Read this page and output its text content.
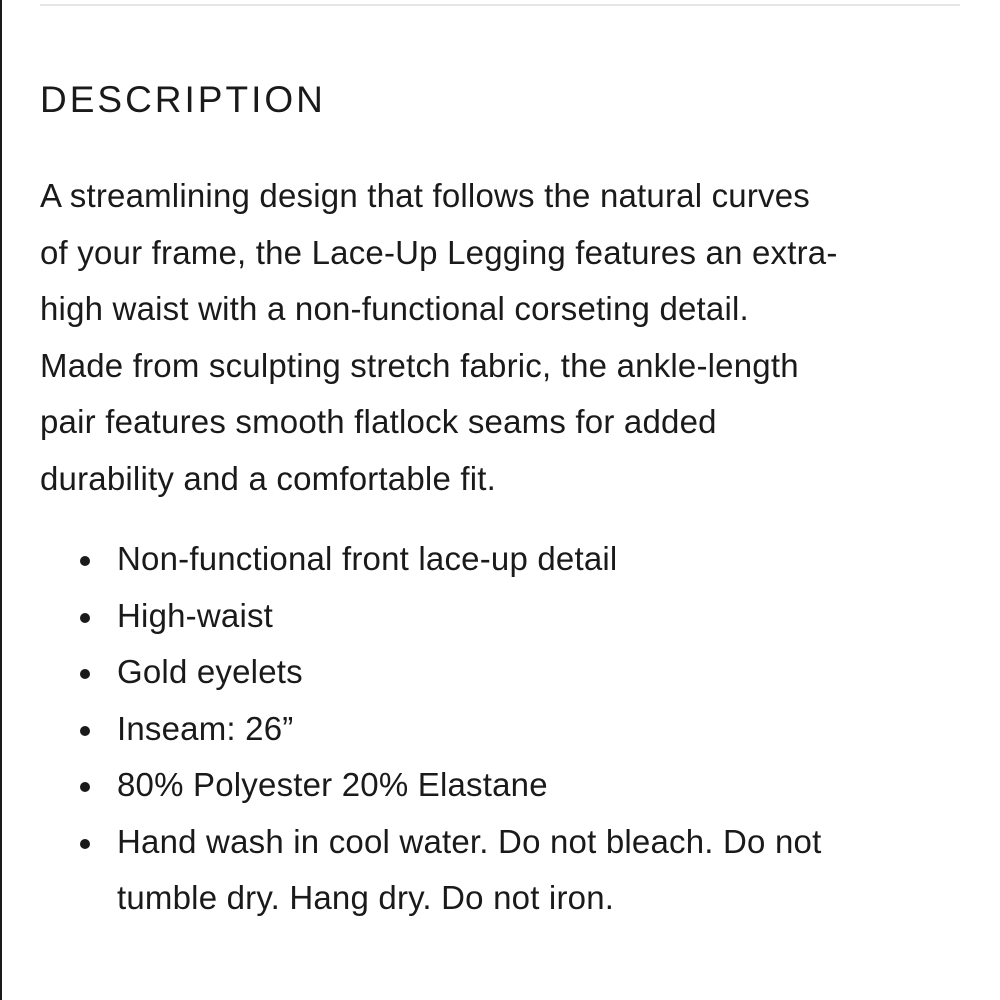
DESCRIPTION

A streamlining design that follows the natural curves
of your frame, the Lace-Up Legging features an extra-
high waist with a non-functional corseting detail.
Made from sculpting stretch fabric, the ankle-length
pair features smooth flatlock seams for added
durability and a comfortable fit.

Non-functional front lace-up detail
High-waist
Gold eyelets
Inseam: 26”
80% Polyester 20% Elastane
Hand wash in cool water. Do not bleach. Do not
tumble dry. Hang dry. Do not iron.
